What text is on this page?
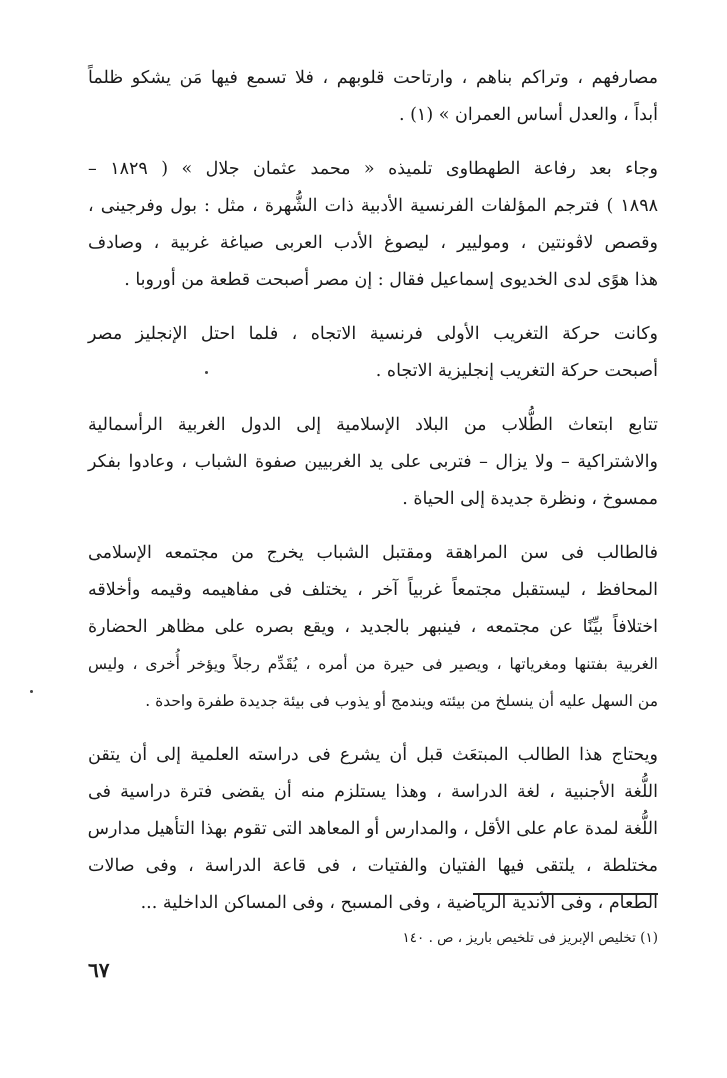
مصارفهم ، وتراكم بناهم ، وارتاحت قلوبهم ، فلا تسمع فيها مَن يشكو ظلماً
أبداً ، والعدل أساس العمران » (١) .

وجاء بعد رفاعة الطهطاوى تلميذه « محمد عثمان جلال » ( ١٨٢٩ –
١٨٩٨ ) فترجم المؤلفات الفرنسية الأدبية ذات الشُّهرة ، مثل : بول وفرجينى ،
وقصص لاڤونتين ، وموليير ، ليصوغ الأدب العربى صياغة غربية ، وصادف
هذا هوًى لدى الخديوى إسماعيل فقال : إن مصر أصبحت قطعة من أوروبا .

وكانت حركة التغريب الأولى فرنسية الاتجاه ، فلما احتل الإنجليز مصر
أصبحت حركة التغريب إنجليزية الاتجاه .

تتابع ابتعاث الطُّلاب من البلاد الإسلامية إلى الدول الغربية الرأسمالية
والاشتراكية – ولا يزال – فتربى على يد الغربيين صفوة الشباب ، وعادوا بفكر
ممسوخ ، ونظرة جديدة إلى الحياة .

فالطالب فى سن المراهقة ومقتبل الشباب يخرج من مجتمعه الإسلامى
المحافظ ، ليستقبل مجتمعاً غربياً آخر ، يختلف فى مفاهيمه وقيمه وأخلاقه
اختلافاً بيِّنًا عن مجتمعه ، فينبهر بالجديد ، ويقع بصره على مظاهر الحضارة
الغربية بفتنها ومغرياتها ، ويصير فى حيرة من أمره ، يُقَدِّم رجلاً ويؤخر أُخرى ، وليس
من السهل عليه أن ينسلخ من بيئته ويندمج أو يذوب فى بيئة جديدة طفرة واحدة .

ويحتاج هذا الطالب المبتعَث قبل أن يشرع فى دراسته العلمية إلى أن يتقن
اللُّغة الأجنبية ، لغة الدراسة ، وهذا يستلزم منه أن يقضى فترة دراسية فى
اللُّغة لمدة عام على الأقل ، والمدارس أو المعاهد التى تقوم بهذا التأهيل مدارس
مختلطة ، يلتقى فيها الفتيان والفتيات ، فى قاعة الدراسة ، وفى صالات
الطعام ، وفى الأندية الرياضية ، وفى المسبح ، وفى المساكن الداخلية ...

(١) تخليص الإبريز فى تلخيص باريز ، ص . ١٤٠
٦٧
